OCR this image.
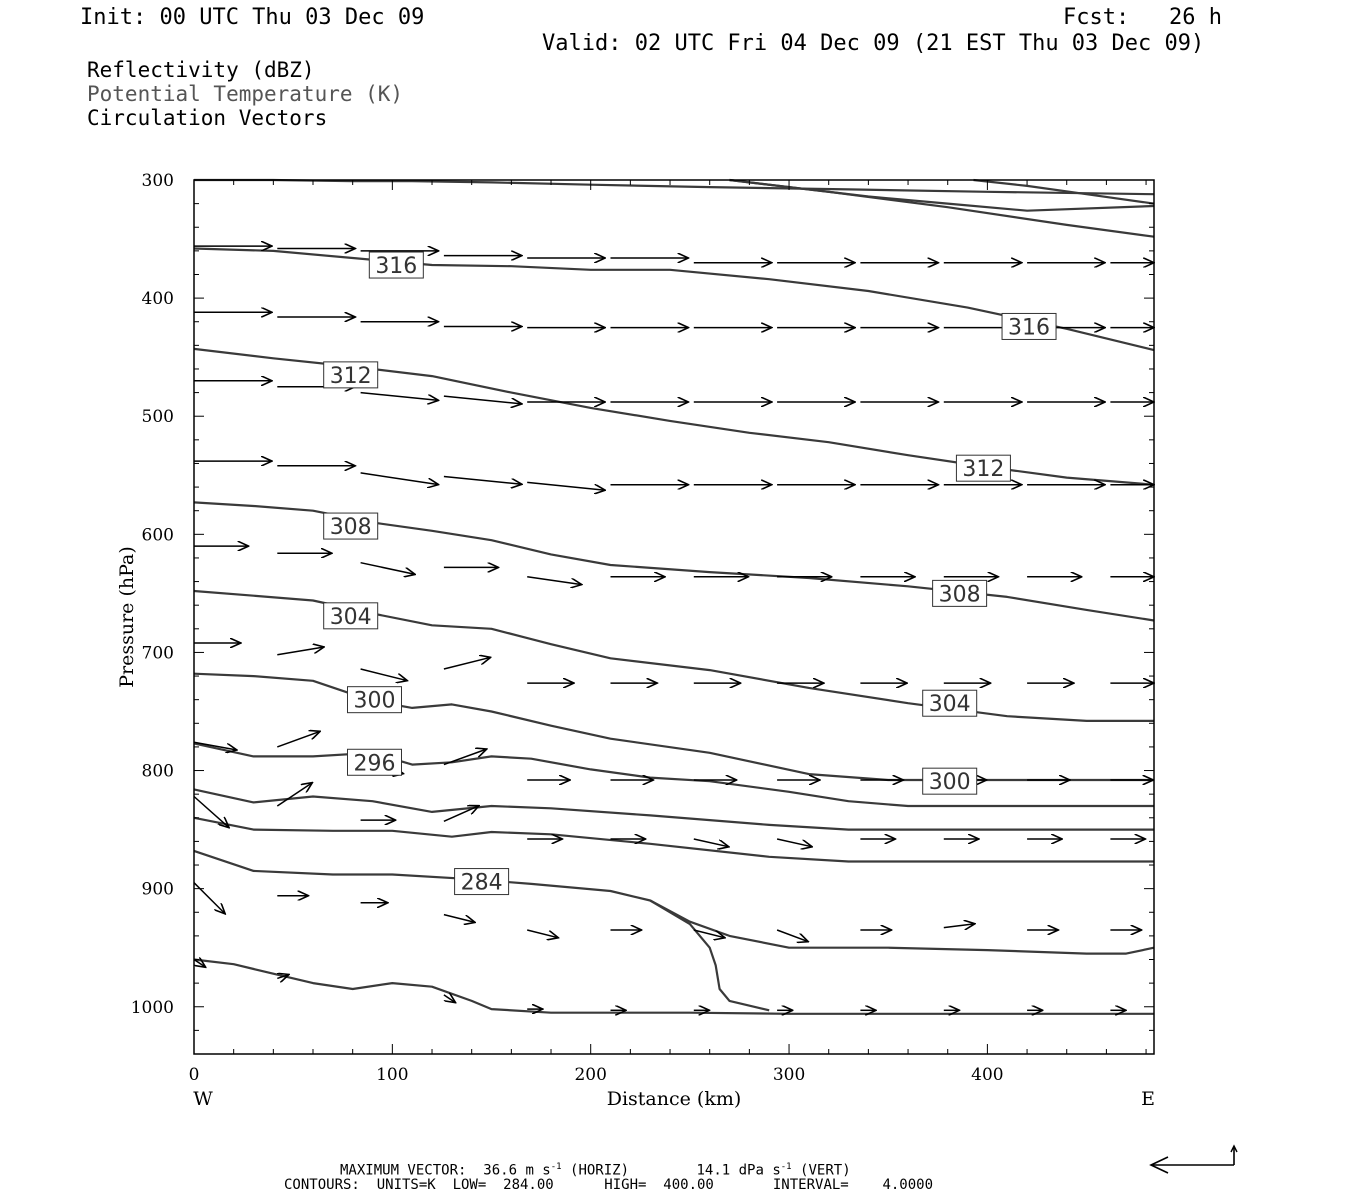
Init: 00 UTC Thu 03 Dec 09	Fcst:   26 h
Valid: 02 UTC Fri 04 Dec 09 (21 EST Thu 03 Dec 09)
Reflectivity (dBZ)
Potential Temperature (K)
Circulation Vectors
316
316
312
312
308
308
304
304
300
300
296
284
0	100	200	300	400
300
400
500
600
700
800
900
1000
Distance (km)
Pressure (hPa)
W	E
MAXIMUM VECTOR: 36.6 m $s^{-1}$ (HORIZ)	14.1 dPa $s^{-1}$ (VERT)
CONTOURS:  UNITS=K  LOW=  284.00      HIGH=  400.00       INTERVAL=    4.0000
